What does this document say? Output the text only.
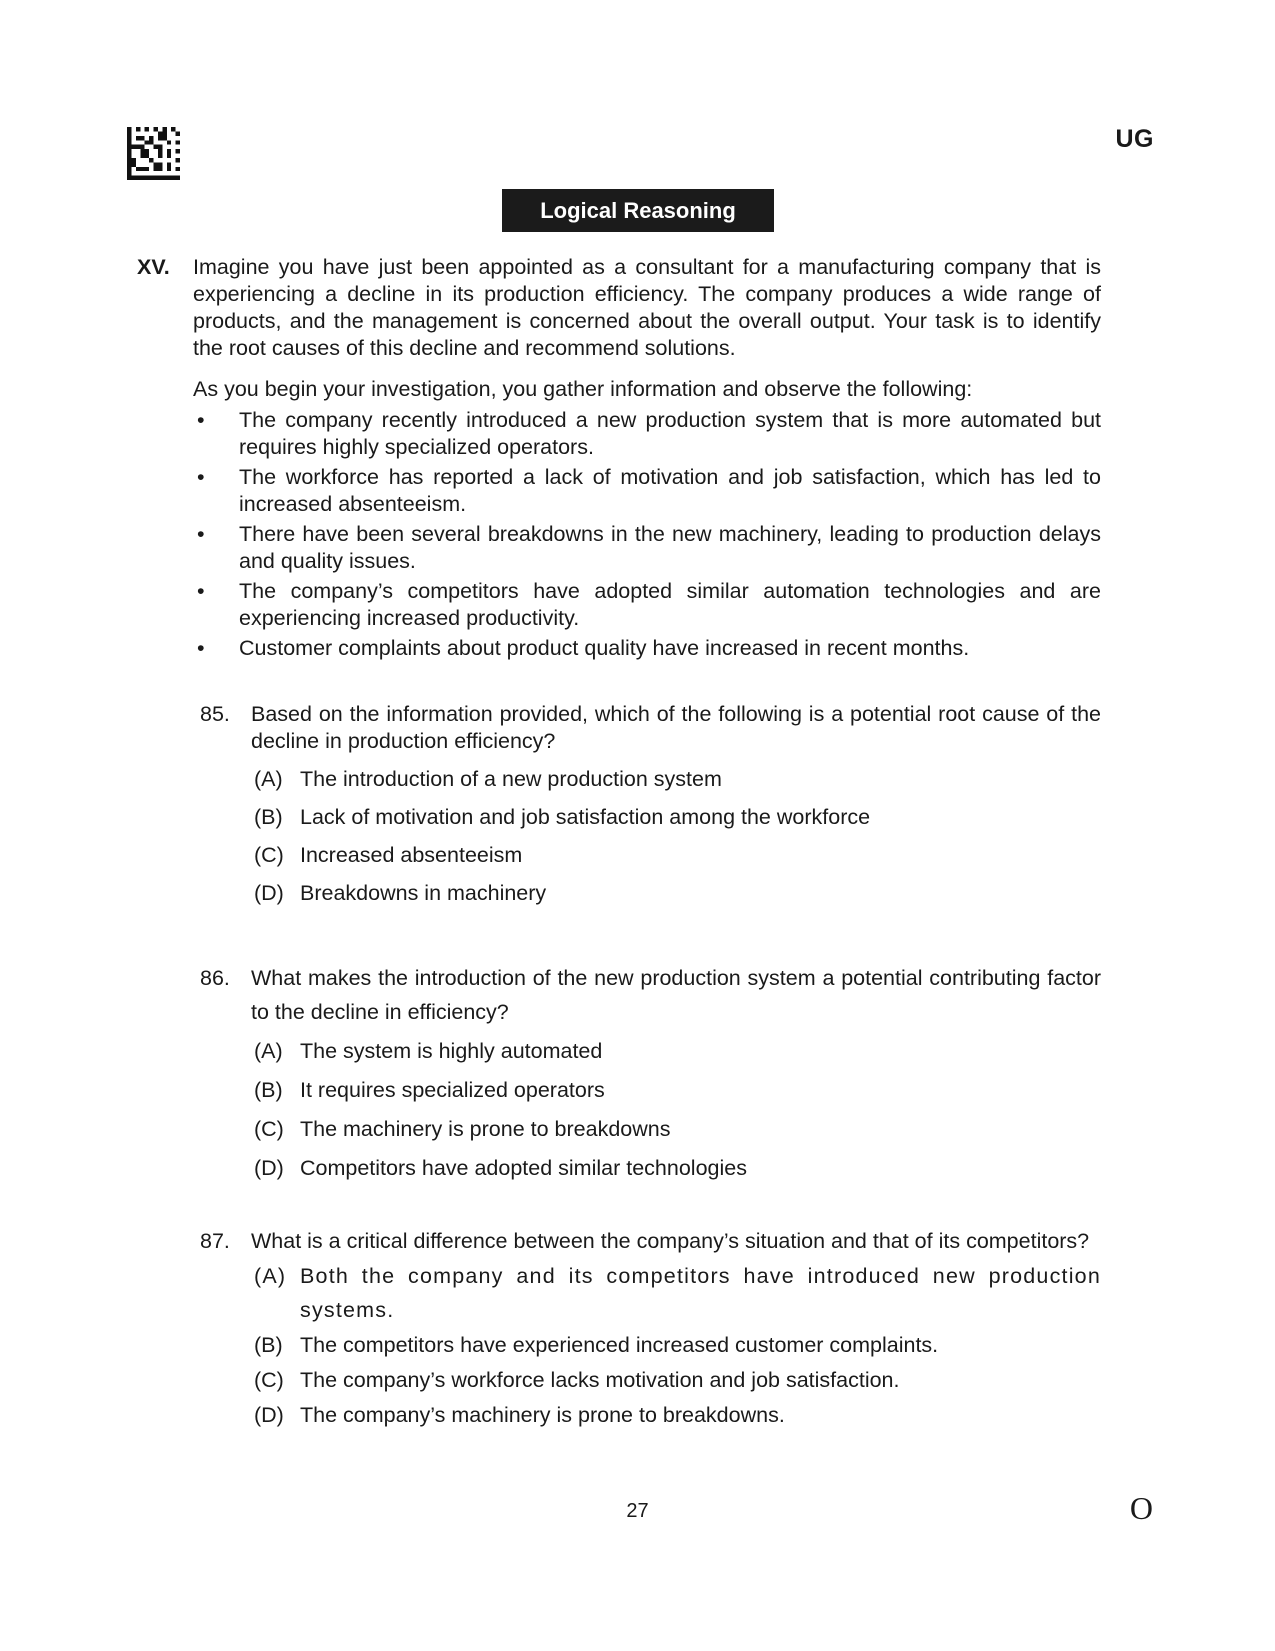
UG
Logical Reasoning
XV. Imagine you have just been appointed as a consultant for a manufacturing company that is experiencing a decline in its production efficiency. The company produces a wide range of products, and the management is concerned about the overall output. Your task is to identify the root causes of this decline and recommend solutions.

As you begin your investigation, you gather information and observe the following:

• The company recently introduced a new production system that is more automated but requires highly specialized operators.
• The workforce has reported a lack of motivation and job satisfaction, which has led to increased absenteeism.
• There have been several breakdowns in the new machinery, leading to production delays and quality issues.
• The company’s competitors have adopted similar automation technologies and are experiencing increased productivity.
• Customer complaints about product quality have increased in recent months.
85. Based on the information provided, which of the following is a potential root cause of the decline in production efficiency?
(A) The introduction of a new production system
(B) Lack of motivation and job satisfaction among the workforce
(C) Increased absenteeism
(D) Breakdowns in machinery
86. What makes the introduction of the new production system a potential contributing factor to the decline in efficiency?
(A) The system is highly automated
(B) It requires specialized operators
(C) The machinery is prone to breakdowns
(D) Competitors have adopted similar technologies
87. What is a critical difference between the company’s situation and that of its competitors?
(A) Both the company and its competitors have introduced new production systems.
(B) The competitors have experienced increased customer complaints.
(C) The company’s workforce lacks motivation and job satisfaction.
(D) The company’s machinery is prone to breakdowns.
27	O
